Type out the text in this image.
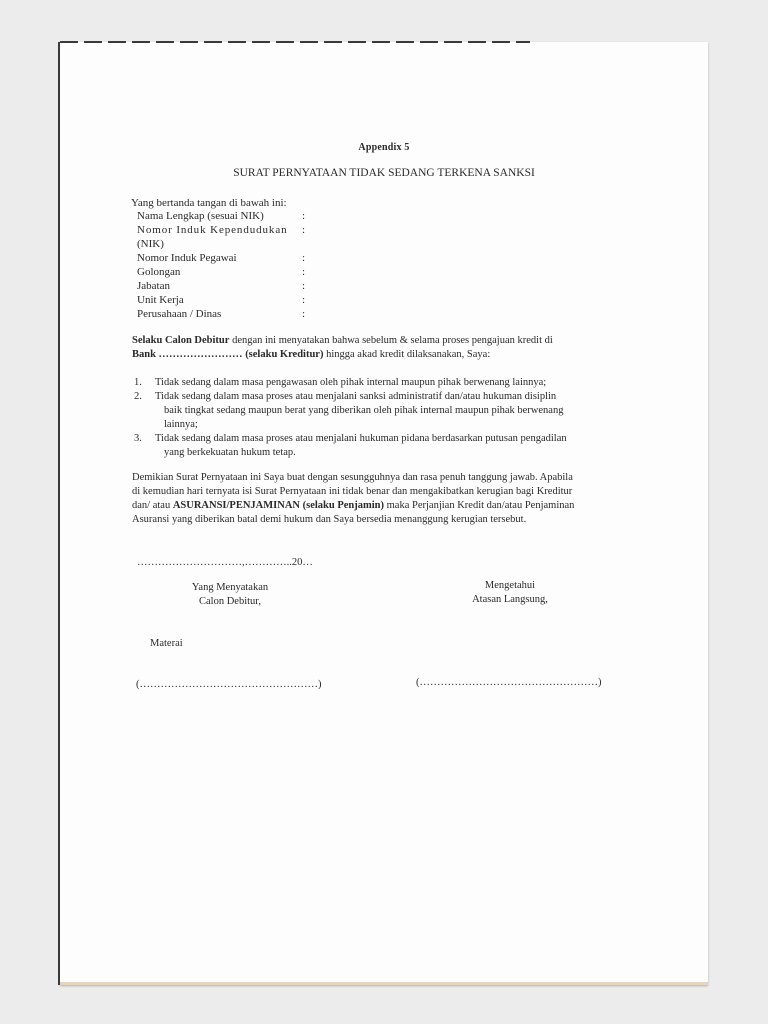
Appendix 5
SURAT PERNYATAAN TIDAK SEDANG TERKENA SANKSI
Yang bertanda tangan di bawah ini:
Nama Lengkap (sesuai NIK)	:
Nomor Induk Kependudukan	:
(NIK)
Nomor Induk Pegawai	:
Golongan	:
Jabatan	:
Unit Kerja	:
Perusahaan / Dinas	:
Selaku Calon Debitur dengan ini menyatakan bahwa sebelum & selama proses pengajuan kredit di
Bank …………………… (selaku Kreditur) hingga akad kredit dilaksanakan, Saya:
1. Tidak sedang dalam masa pengawasan oleh pihak internal maupun pihak berwenang lainnya;
2. Tidak sedang dalam masa proses atau menjalani sanksi administratif dan/atau hukuman disiplin
baik tingkat sedang maupun berat yang diberikan oleh pihak internal maupun pihak berwenang
lainnya;
3. Tidak sedang dalam masa proses atau menjalani hukuman pidana berdasarkan putusan pengadilan
yang berkekuatan hukum tetap.
Demikian Surat Pernyataan ini Saya buat dengan sesungguhnya dan rasa penuh tanggung jawab. Apabila
di kemudian hari ternyata isi Surat Pernyataan ini tidak benar dan mengakibatkan kerugian bagi Kreditur
dan/ atau ASURANSI/PENJAMINAN (selaku Penjamin) maka Perjanjian Kredit dan/atau Penjaminan
Asuransi yang diberikan batal demi hukum dan Saya bersedia menanggung kerugian tersebut.
…………………………,…………..20…
Yang Menyatakan
Calon Debitur,
Mengetahui
Atasan Langsung,
Materai
(……………………………………………)	(……………………………………………)
